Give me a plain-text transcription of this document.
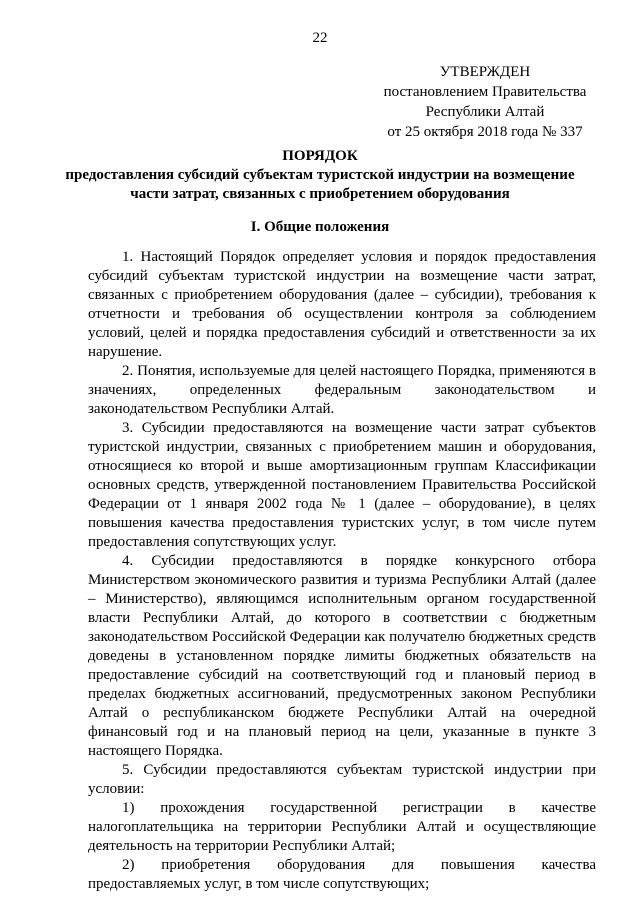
22
УТВЕРЖДЕН
постановлением Правительства
Республики Алтай
от 25 октября 2018 года № 337
ПОРЯДОК
предоставления субсидий субъектам туристской индустрии на возмещение части затрат, связанных с приобретением оборудования
I. Общие положения

1. Настоящий Порядок определяет условия и порядок предоставления субсидий субъектам туристской индустрии на возмещение части затрат, связанных с приобретением оборудования (далее – субсидии), требования к отчетности и требования об осуществлении контроля за соблюдением условий, целей и порядка предоставления субсидий и ответственности за их нарушение.

2. Понятия, используемые для целей настоящего Порядка, применяются в значениях, определенных федеральным законодательством и законодательством Республики Алтай.

3. Субсидии предоставляются на возмещение части затрат субъектов туристской индустрии, связанных с приобретением машин и оборудования, относящиеся ко второй и выше амортизационным группам Классификации основных средств, утвержденной постановлением Правительства Российской Федерации от 1 января 2002 года № 1 (далее – оборудование), в целях повышения качества предоставления туристских услуг, в том числе путем предоставления сопутствующих услуг.

4. Субсидии предоставляются в порядке конкурсного отбора Министерством экономического развития и туризма Республики Алтай (далее – Министерство), являющимся исполнительным органом государственной власти Республики Алтай, до которого в соответствии с бюджетным законодательством Российской Федерации как получателю бюджетных средств доведены в установленном порядке лимиты бюджетных обязательств на предоставление субсидий на соответствующий год и плановый период в пределах бюджетных ассигнований, предусмотренных законом Республики Алтай о республиканском бюджете Республики Алтай на очередной финансовый год и на плановый период на цели, указанные в пункте 3 настоящего Порядка.

5. Субсидии предоставляются субъектам туристской индустрии при условии:

1) прохождения государственной регистрации в качестве налогоплательщика на территории Республики Алтай и осуществляющие деятельность на территории Республики Алтай;

2) приобретения оборудования для повышения качества предоставляемых услуг, в том числе сопутствующих;
